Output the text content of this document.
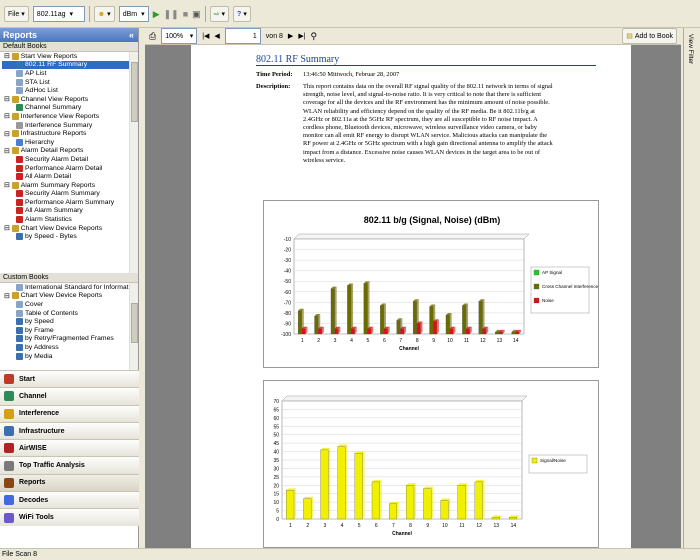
File ▾ 802.11ag ▾	☻ ▾ dBm ▾ ▶ ❚❚ ■ ▣ ⇨ ▾ ? ▾
Reports	«
Default Books
⊟ Start View Reports
802.11 RF Summary
AP List
STA List
AdHoc List
⊟ Channel View Reports
Channel Summary
⊟ Interference View Reports
Interference Summary
⊟ Infrastructure Reports
Hierarchy
⊟ Alarm Detail Reports
Security Alarm Detail
Performance Alarm Detail
All Alarm Detail
⊟ Alarm Summary Reports
Security Alarm Summary
Performance Alarm Summary
All Alarm Summary
Alarm Statistics
⊟ Chart View Device Reports
by Speed - Bytes
Custom Books
International Standard for Informat
⊟ Chart View Device Reports
Cover
Table of Contents
by Speed
by Frame
by Retry/Fragmented Frames
by Address
by Media
Start
Channel
Interference
Infrastructure
AirWISE
Top Traffic Analysis
Reports
Decodes
WiFi Tools
⎙ 100% ▾ |◀ ◀	1 von 8 ▶ ▶| ⚲	▤ Add to Book
802.11 RF Summary
Time Period: 13:46:50 Mittwoch, Februar 28, 2007
Description: This report contains data on the overall RF signal quality of the 802.11 network in terms of signal
strength, noise level, and signal-to-noise ratio. It is very critical to note that there is sufficient
coverage for all the devices and the RF environment has the minimum amount of noise possible.
WLAN reliability and efficiency depend on the quality of the RF media. Be it 802.11b/g at
2.4GHz or 802.11a at the 5GHz RF spectrum, they are all susceptible to RF noise impact. A
cordless phone, Bluetooth devices, microwave, wireless surveillance video camera, or baby
monitor can all emit RF energy to disrupt WLAN service. Malicious attacks can manipulate the
RF power at 2.4GHz or 5GHz spectrum with a high gain directional antenna to amplify the attack
impact from a distance. Excessive noise causes WLAN devices in the target area to be out of
wireless service.
802.11 b/g (Signal, Noise) (dBm)
-10
-20
-30
-40
-50
-60
-70
-80
-90
-100
1	2	3	4	5	6	7	8	9 10 11 12 13 14
Channel
AP Signal
Cross Channel Interference
Noise
70
65
60
55
50
45
40
35
30
25
20
15
10
5
0
1	2	3	4	5	6	7	8	9	10 11 12 13 14
Channel
Signal/Noise
View Filter
File Scan 8
